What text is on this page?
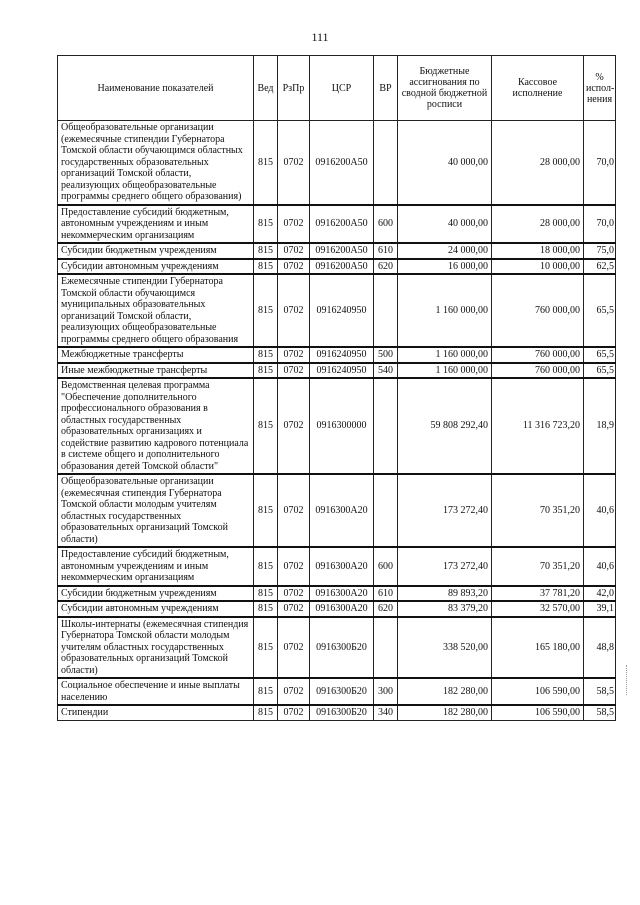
111
Наименование показателей	Вед	РзПр	ЦСР	ВР	Бюджетные ассигнования по сводной бюджетной росписи	Кассовое исполнение	% испол-нения
Общеобразовательные организации (ежемесячные стипендии Губернатора Томской области обучающимся областных государственных образовательных организаций Томской области, реализующих общеобразовательные программы среднего общего образования)	815	0702	0916200А50		40 000,00	28 000,00	70,0
Предоставление субсидий бюджетным, автономным учреждениям и иным некоммерческим организациям	815	0702	0916200А50	600	40 000,00	28 000,00	70,0
Субсидии бюджетным учреждениям	815	0702	0916200А50	610	24 000,00	18 000,00	75,0
Субсидии автономным учреждениям	815	0702	0916200А50	620	16 000,00	10 000,00	62,5
Ежемесячные стипендии Губернатора Томской области обучающимся муниципальных образовательных организаций Томской области, реализующих общеобразовательные программы среднего общего образования	815	0702	0916240950		1 160 000,00	760 000,00	65,5
Межбюджетные трансферты	815	0702	0916240950	500	1 160 000,00	760 000,00	65,5
Иные межбюджетные трансферты	815	0702	0916240950	540	1 160 000,00	760 000,00	65,5
Ведомственная целевая программа "Обеспечение дополнительного профессионального образования в областных государственных образовательных организациях и содействие развитию кадрового потенциала в системе общего и дополнительного образования детей Томской области"	815	0702	0916300000		59 808 292,40	11 316 723,20	18,9
Общеобразовательные организации (ежемесячная стипендия Губернатора Томской области молодым учителям областных государственных образовательных организаций Томской области)	815	0702	0916300А20		173 272,40	70 351,20	40,6
Предоставление субсидий бюджетным, автономным учреждениям и иным некоммерческим организациям	815	0702	0916300А20	600	173 272,40	70 351,20	40,6
Субсидии бюджетным учреждениям	815	0702	0916300А20	610	89 893,20	37 781,20	42,0
Субсидии автономным учреждениям	815	0702	0916300А20	620	83 379,20	32 570,00	39,1
Школы-интернаты (ежемесячная стипендия Губернатора Томской области молодым учителям областных государственных образовательных организаций Томской области)	815	0702	0916300Б20		338 520,00	165 180,00	48,8
Социальное обеспечение и иные выплаты населению	815	0702	0916300Б20	300	182 280,00	106 590,00	58,5
Стипендии	815	0702	0916300Б20	340	182 280,00	106 590,00	58,5
